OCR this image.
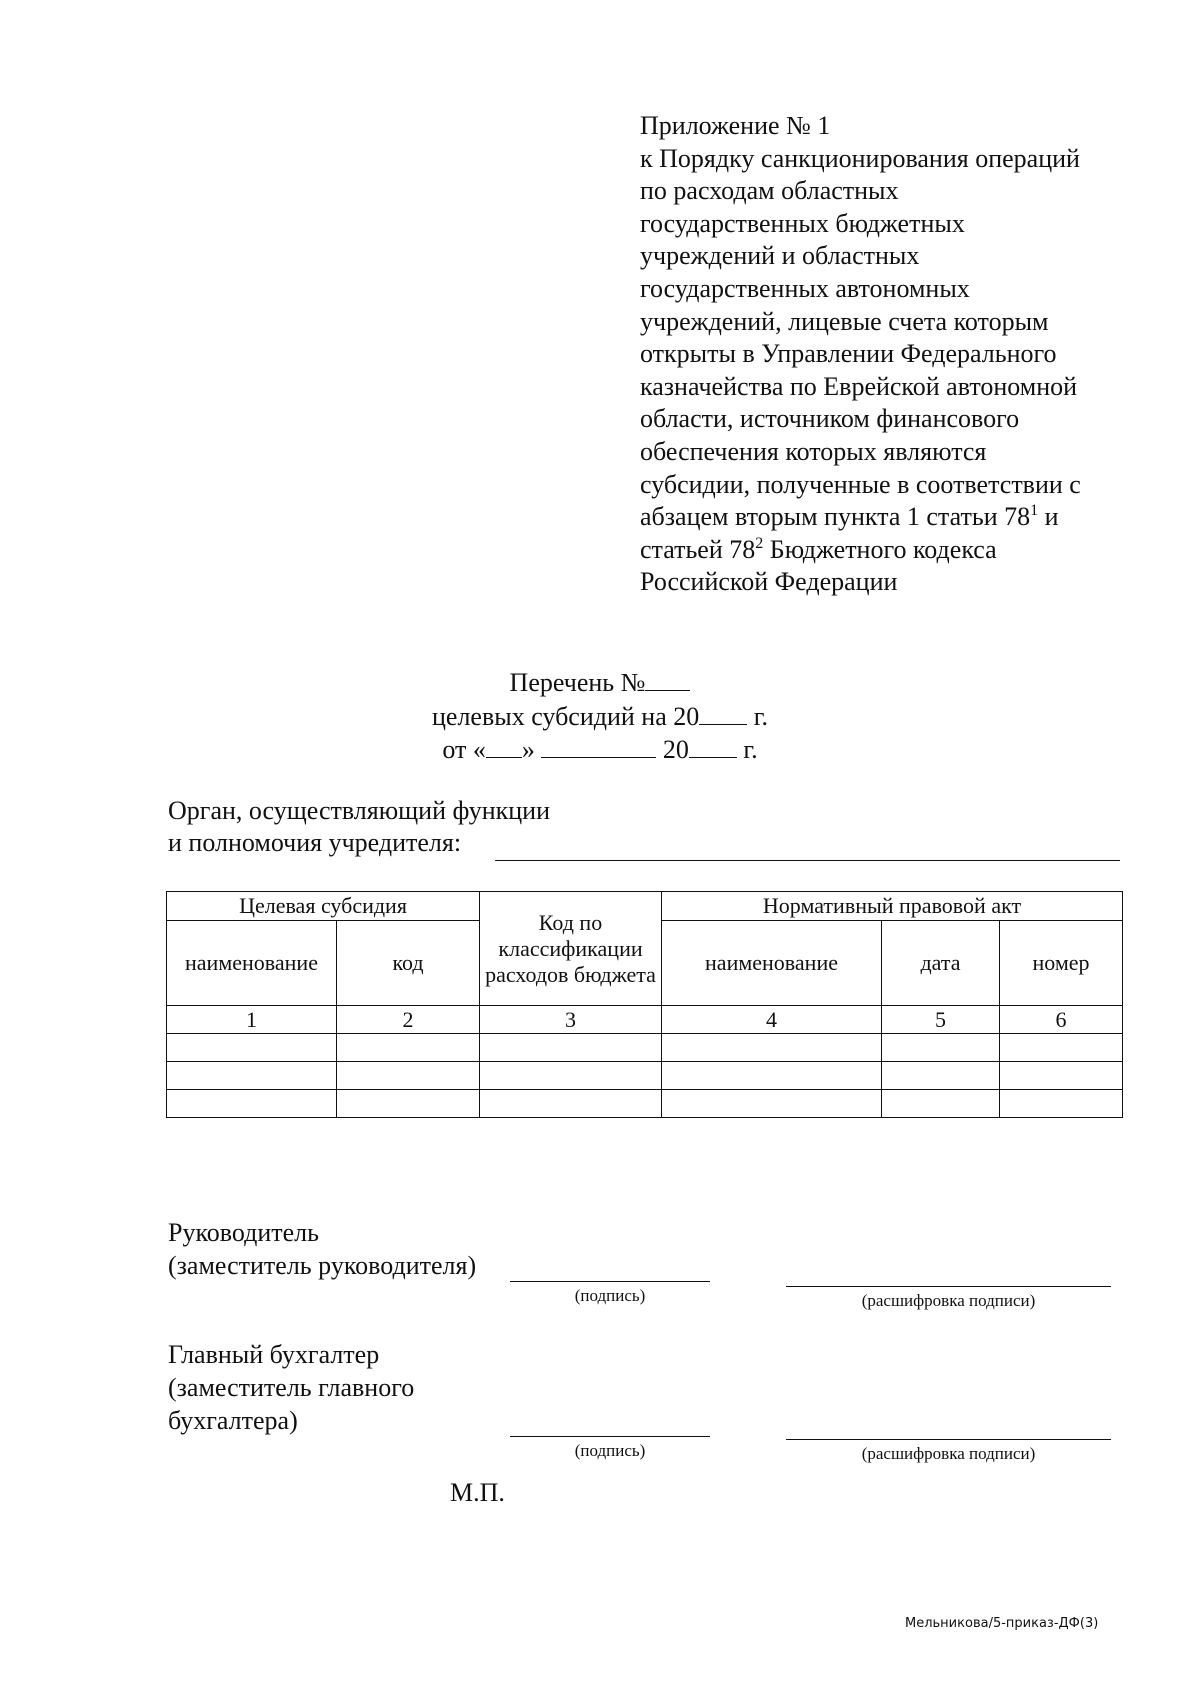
Приложение № 1
к Порядку санкционирования операций
по расходам областных
государственных бюджетных
учреждений и областных
государственных автономных
учреждений, лицевые счета которым
открыты в Управлении Федерального
казначейства по Еврейской автономной
области, источником финансового
обеспечения которых являются
субсидии, полученные в соответствии с
абзацем вторым пункта 1 статьи $78^1$ и
статьей $78^2$ Бюджетного кодекса
Российской Федерации
Перечень №
целевых субсидий на 20 г.
от « »	20 г.
Орган, осуществляющий функции
и полномочия учредителя:
Целевая субсидия		Код по классификации расходов бюджета	Нормативный правовой акт		
наименование	код		наименование	дата	номер
1	2	3	4	5	6

Руководитель
(заместитель руководителя)
(подпись)	(расшифровка подписи)
Главный бухгалтер
(заместитель главного
бухгалтера)
(подпись)	(расшифровка подписи)
М.П.
Мельникова/5-приказ-ДФ(3)
